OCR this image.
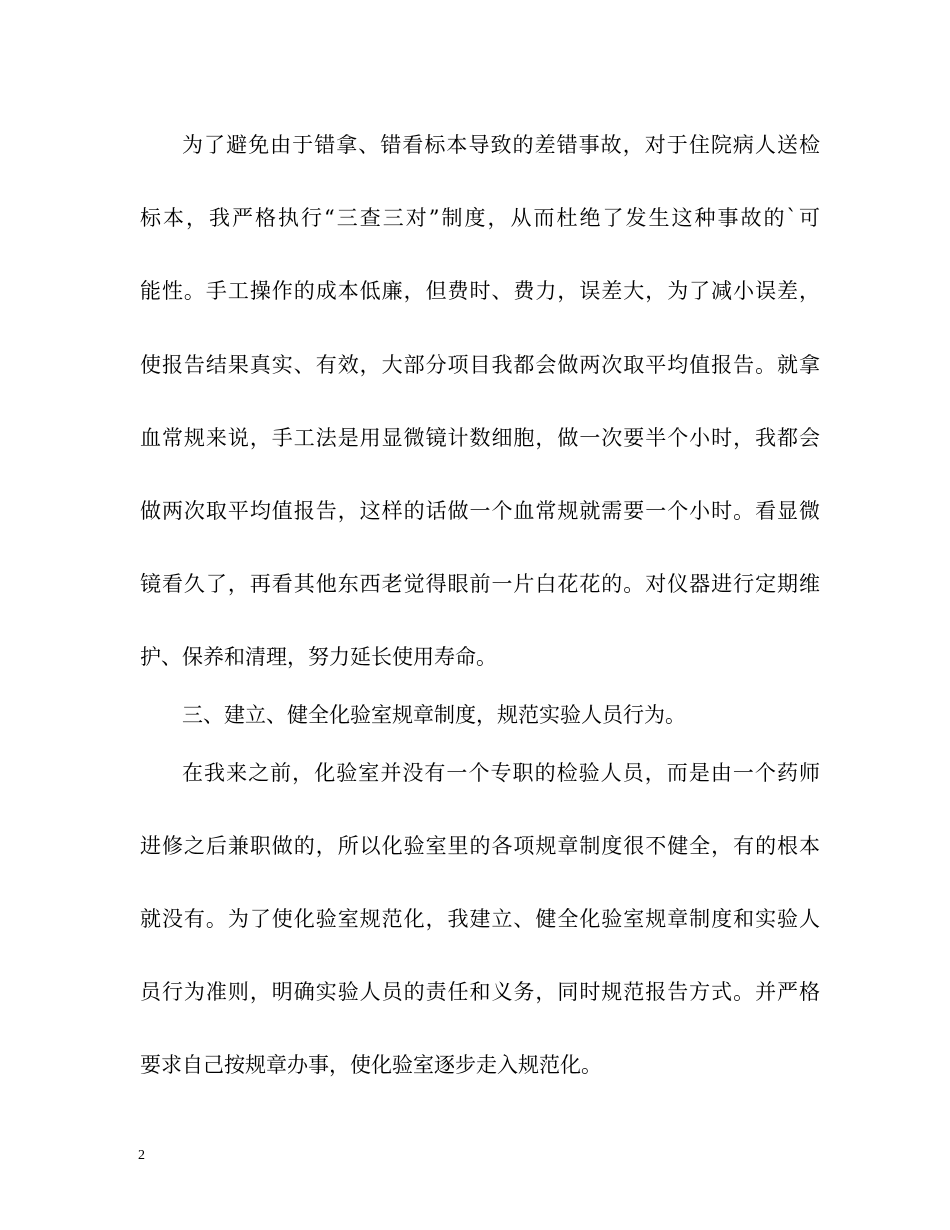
为了避免由于错拿、错看标本导致的差错事故，对于住院病人送检
标本，我严格执行“三查三对”制度，从而杜绝了发生这种事故的`可
能性。手工操作的成本低廉，但费时、费力，误差大，为了减小误差，
使报告结果真实、有效，大部分项目我都会做两次取平均值报告。就拿
血常规来说，手工法是用显微镜计数细胞，做一次要半个小时，我都会
做两次取平均值报告，这样的话做一个血常规就需要一个小时。看显微
镜看久了，再看其他东西老觉得眼前一片白花花的。对仪器进行定期维
护、保养和清理，努力延长使用寿命。
三、建立、健全化验室规章制度，规范实验人员行为。
在我来之前，化验室并没有一个专职的检验人员，而是由一个药师
进修之后兼职做的，所以化验室里的各项规章制度很不健全，有的根本
就没有。为了使化验室规范化，我建立、健全化验室规章制度和实验人
员行为准则，明确实验人员的责任和义务，同时规范报告方式。并严格
要求自己按规章办事，使化验室逐步走入规范化。
2
